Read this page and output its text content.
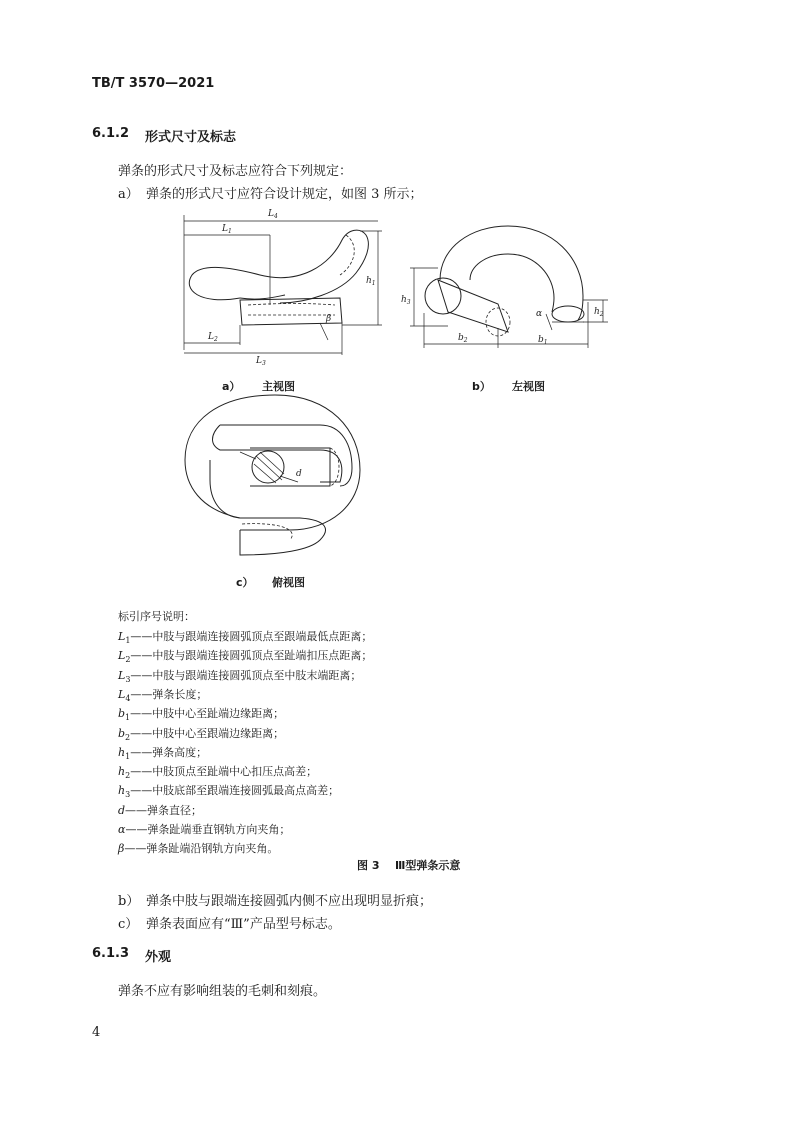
TB/T 3570—2021
6.1.2 形式尺寸及标志
弹条的形式尺寸及标志应符合下列规定：
a） 弹条的形式尺寸应符合设计规定，如图 3 所示；
$L_4$
$L_1$
$L_2$
$L_3$
$h_1$
β
a） 主视图
$h_3$
$h_2$
$b_2$	$b_1$
α
b） 左视图
d
c） 俯视图
标引序号说明：
$L_1——$中肢与跟端连接圆弧顶点至跟端最低点距离；
$L_2——$中肢与跟端连接圆弧顶点至趾端扣压点距离；
$L_3——$中肢与跟端连接圆弧顶点至中肢末端距离；
$L_4——$弹条长度；
$b_1——$中肢中心至趾端边缘距离；
$b_2——$中肢中心至跟端边缘距离；
$h_1——$弹条高度；
$h_2——$中肢顶点至趾端中心扣压点高差；
$h_3——$中肢底部至跟端连接圆弧最高点高差；
d——弹条直径；
α——弹条趾端垂直钢轨方向夹角；
β——弹条趾端沿钢轨方向夹角。
图 3 Ⅲ型弹条示意
b） 弹条中肢与跟端连接圆弧内侧不应出现明显折痕；
c） 弹条表面应有“Ⅲ”产品型号标志。
6.1.3 外观
弹条不应有影响组装的毛刺和刻痕。
4
